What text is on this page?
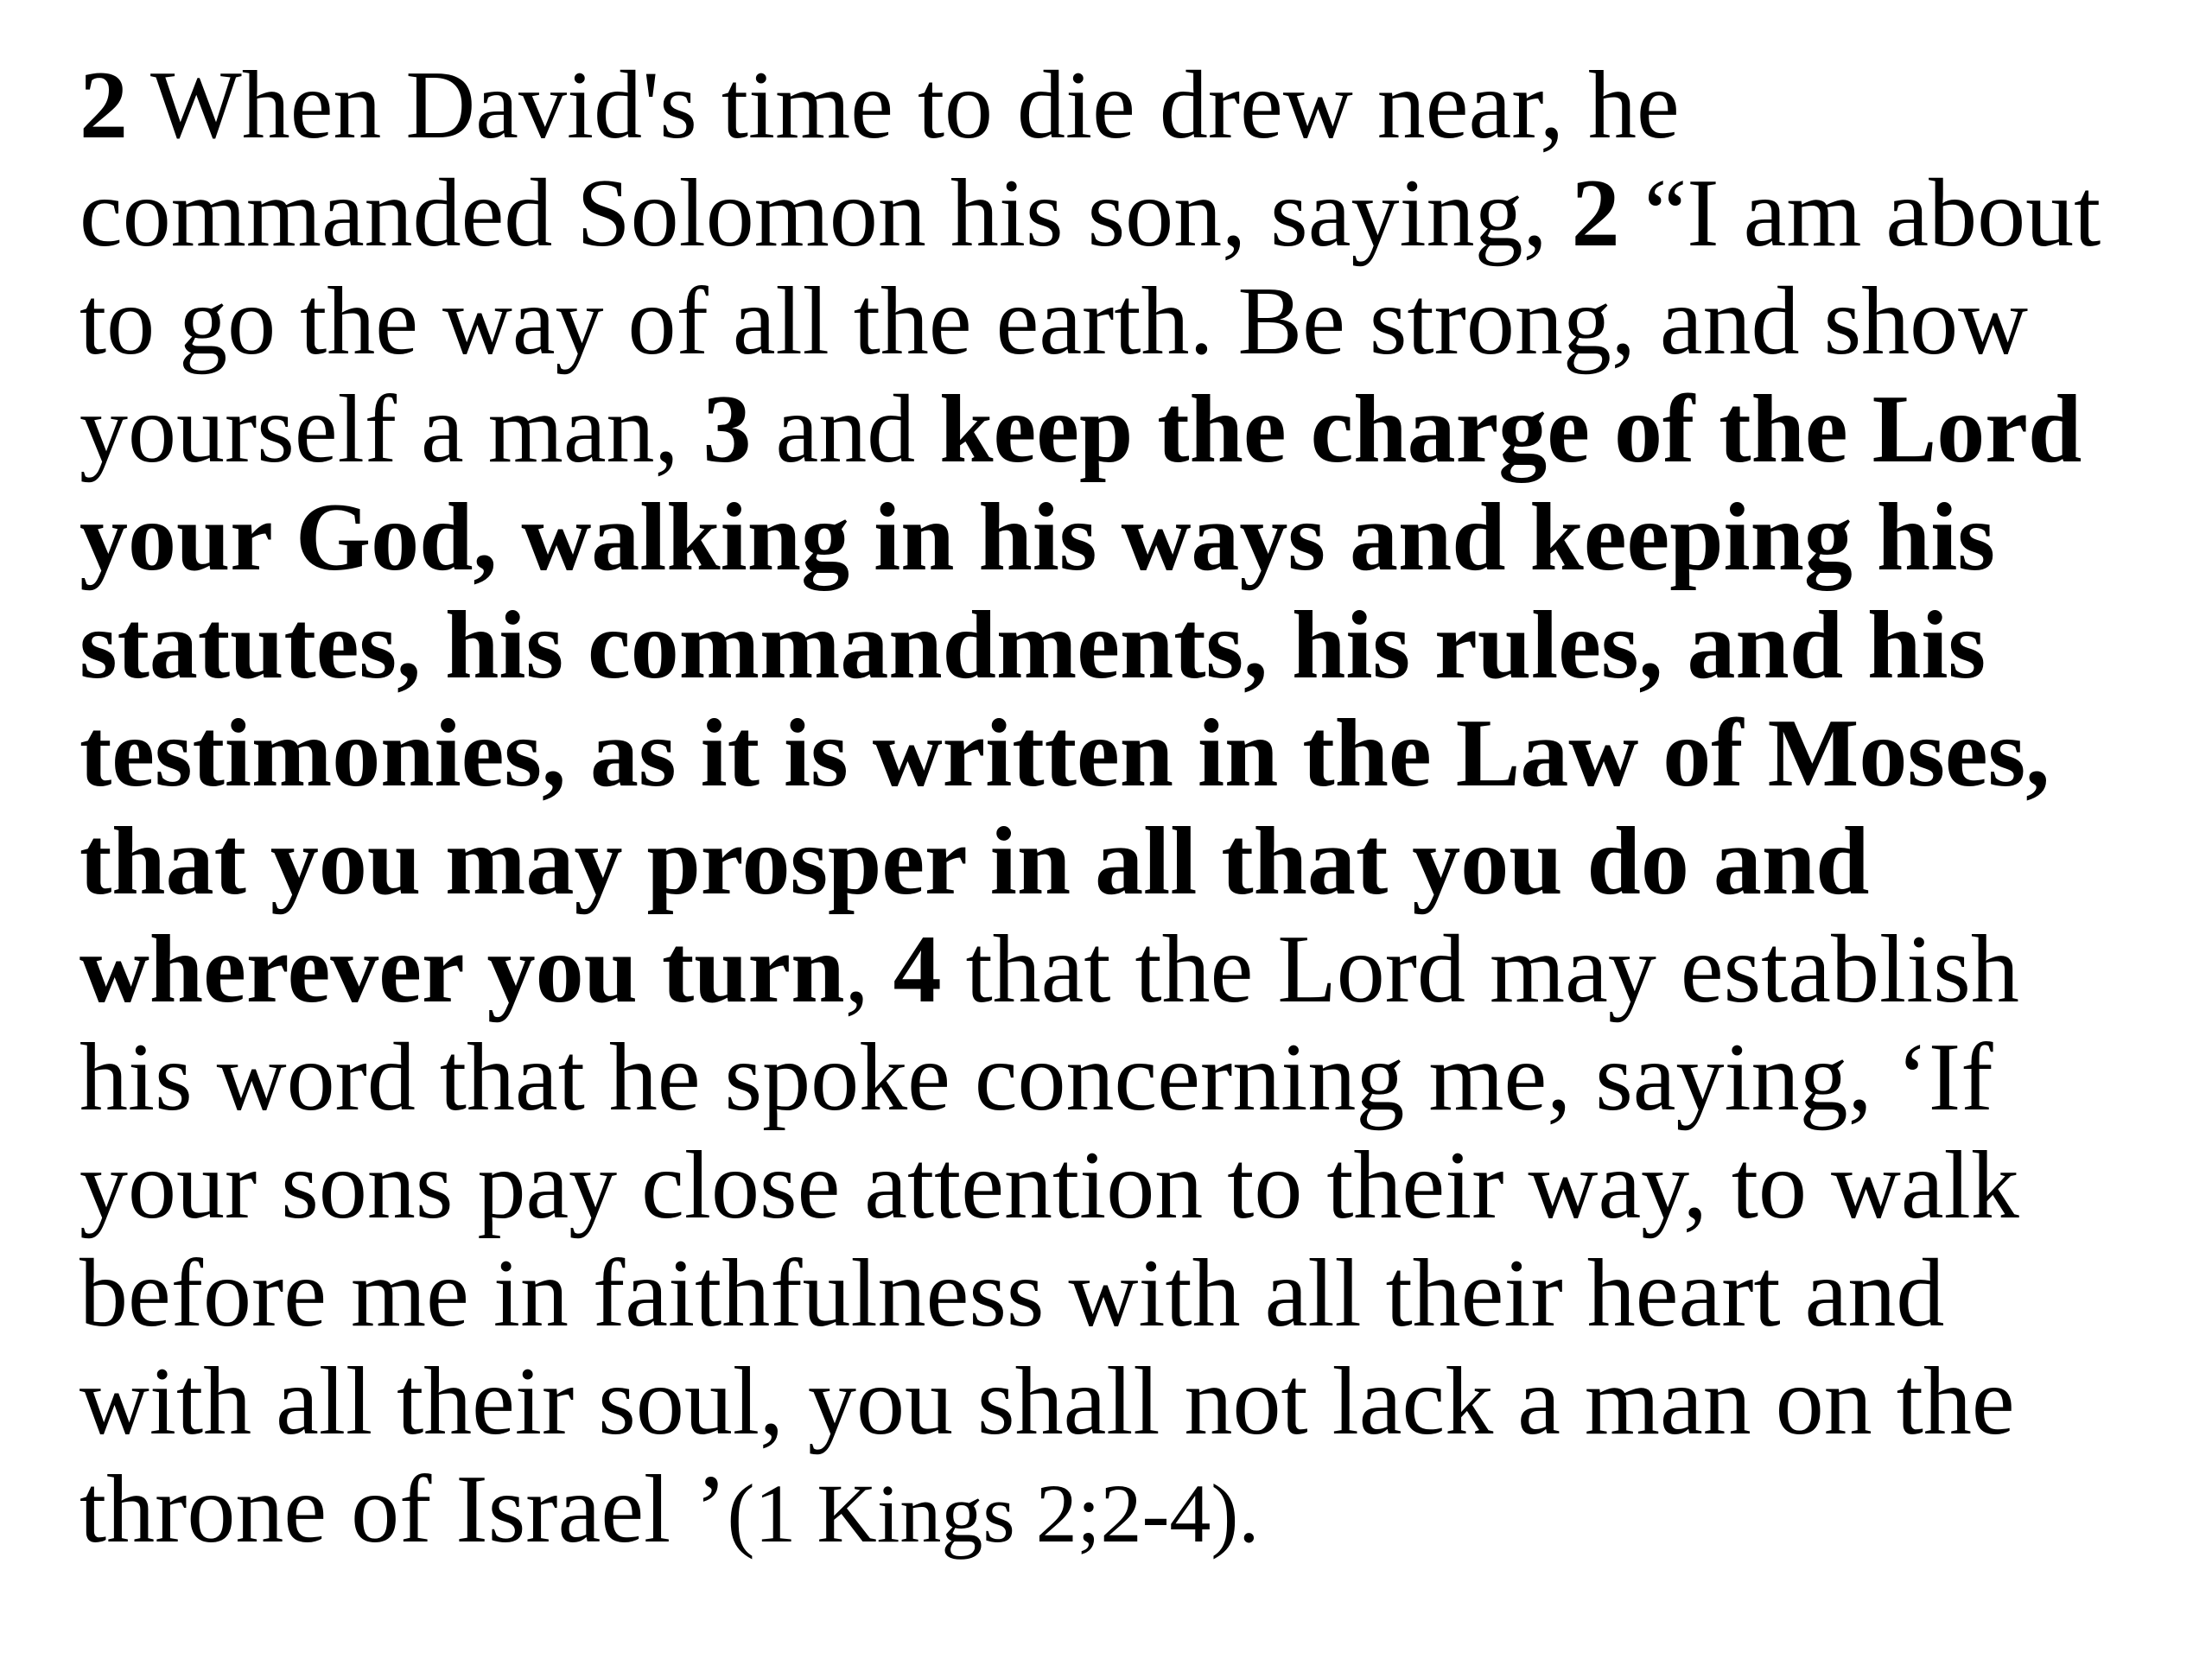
2 When David's time to die drew near, he
commanded Solomon his son, saying, 2 “I am about
to go the way of all the earth. Be strong, and show
yourself a man, 3 and keep the charge of the Lord
your God, walking in his ways and keeping his
statutes, his commandments, his rules, and his
testimonies, as it is written in the Law of Moses,
that you may prosper in all that you do and
wherever you turn, 4 that the Lord may establish
his word that he spoke concerning me, saying, ‘If
your sons pay close attention to their way, to walk
before me in faithfulness with all their heart and
with all their soul, you shall not lack a man on the
throne of Israel ’(1 Kings 2;2-4).
